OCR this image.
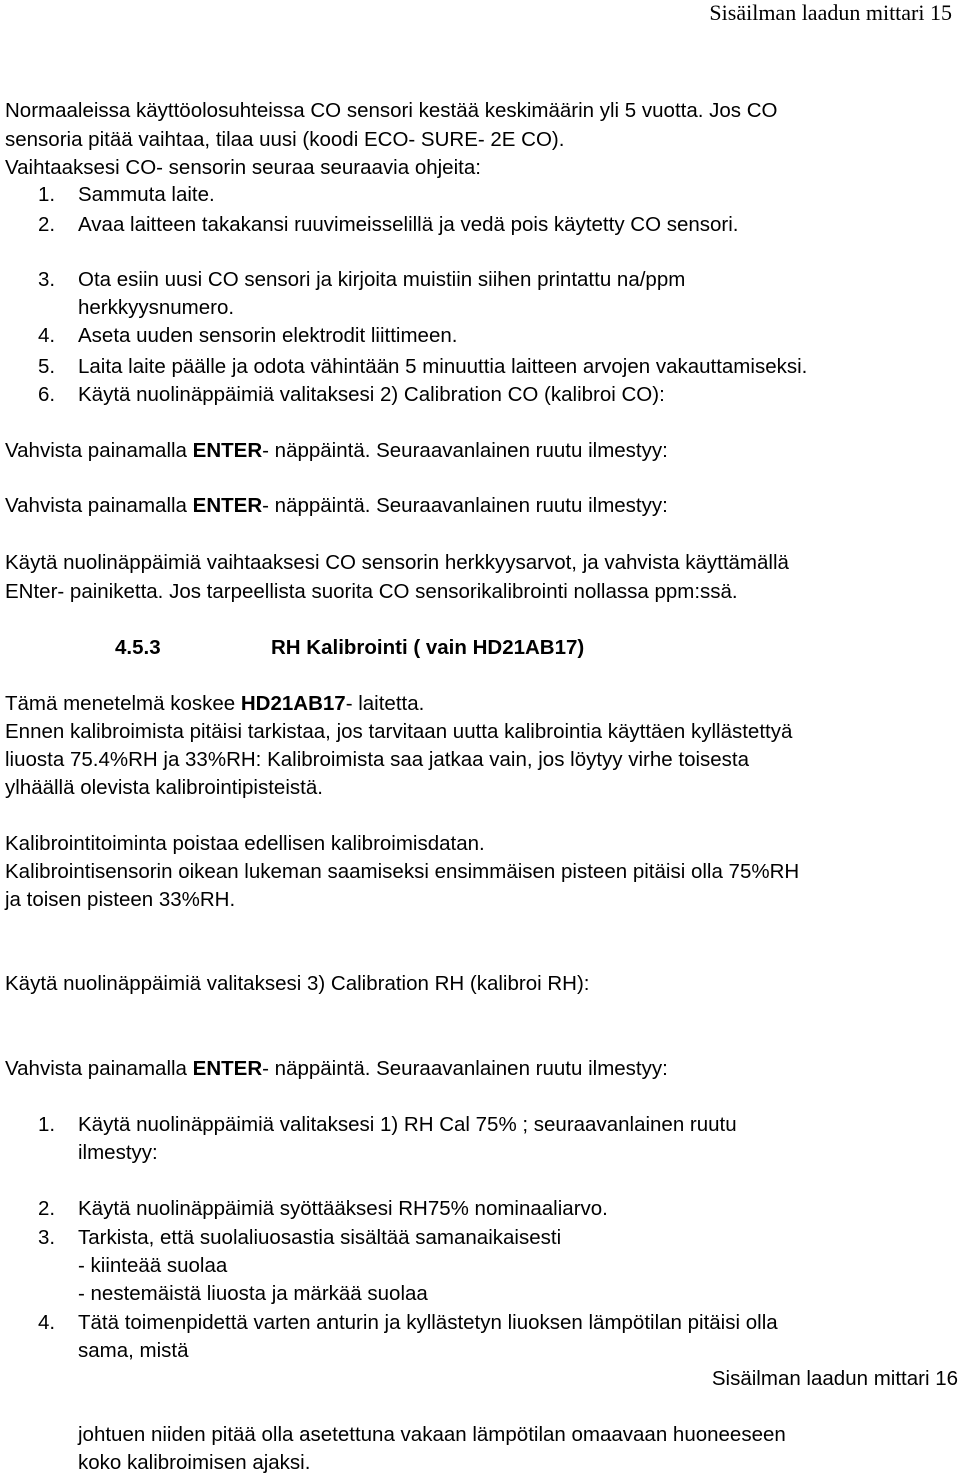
Sisäilman laadun mittari 15
Normaaleissa käyttöolosuhteissa CO sensori kestää keskimäärin yli 5 vuotta. Jos CO
sensoria pitää vaihtaa, tilaa uusi (koodi ECO- SURE- 2E CO).
Vaihtaaksesi CO- sensorin seuraa seuraavia ohjeita:
1. Sammuta laite.
2. Avaa laitteen takakansi ruuvimeisselillä ja vedä pois käytetty CO sensori.
3. Ota esiin uusi CO sensori ja kirjoita muistiin siihen printattu na/ppm
herkkyysnumero.
4. Aseta uuden sensorin elektrodit liittimeen.
5. Laita laite päälle ja odota vähintään 5 minuuttia laitteen arvojen vakauttamiseksi.
6. Käytä nuolinäppäimiä valitaksesi 2) Calibration CO (kalibroi CO):
Vahvista painamalla ENTER- näppäintä. Seuraavanlainen ruutu ilmestyy:
Vahvista painamalla ENTER- näppäintä. Seuraavanlainen ruutu ilmestyy:
Käytä nuolinäppäimiä vaihtaaksesi CO sensorin herkkyysarvot, ja vahvista käyttämällä
ENter- painiketta. Jos tarpeellista suorita CO sensorikalibrointi nollassa ppm:ssä.
4.5.3	RH Kalibrointi ( vain HD21AB17)
Tämä menetelmä koskee HD21AB17- laitetta.
Ennen kalibroimista pitäisi tarkistaa, jos tarvitaan uutta kalibrointia käyttäen kyllästettyä
liuosta 75.4%RH ja 33%RH: Kalibroimista saa jatkaa vain, jos löytyy virhe toisesta
ylhäällä olevista kalibrointipisteistä.
Kalibrointitoiminta poistaa edellisen kalibroimisdatan.
Kalibrointisensorin oikean lukeman saamiseksi ensimmäisen pisteen pitäisi olla 75%RH
ja toisen pisteen 33%RH.
Käytä nuolinäppäimiä valitaksesi 3) Calibration RH (kalibroi RH):
Vahvista painamalla ENTER- näppäintä. Seuraavanlainen ruutu ilmestyy:
1. Käytä nuolinäppäimiä valitaksesi 1) RH Cal 75% ; seuraavanlainen ruutu
ilmestyy:
2. Käytä nuolinäppäimiä syöttääksesi RH75% nominaaliarvo.
3. Tarkista, että suolaliuosastia sisältää samanaikaisesti
- kiinteää suolaa
- nestemäistä liuosta ja märkää suolaa
4. Tätä toimenpidettä varten anturin ja kyllästetyn liuoksen lämpötilan pitäisi olla
sama, mistä
Sisäilman laadun mittari 16
johtuen niiden pitää olla asetettuna vakaan lämpötilan omaavaan huoneeseen
koko kalibroimisen ajaksi.
